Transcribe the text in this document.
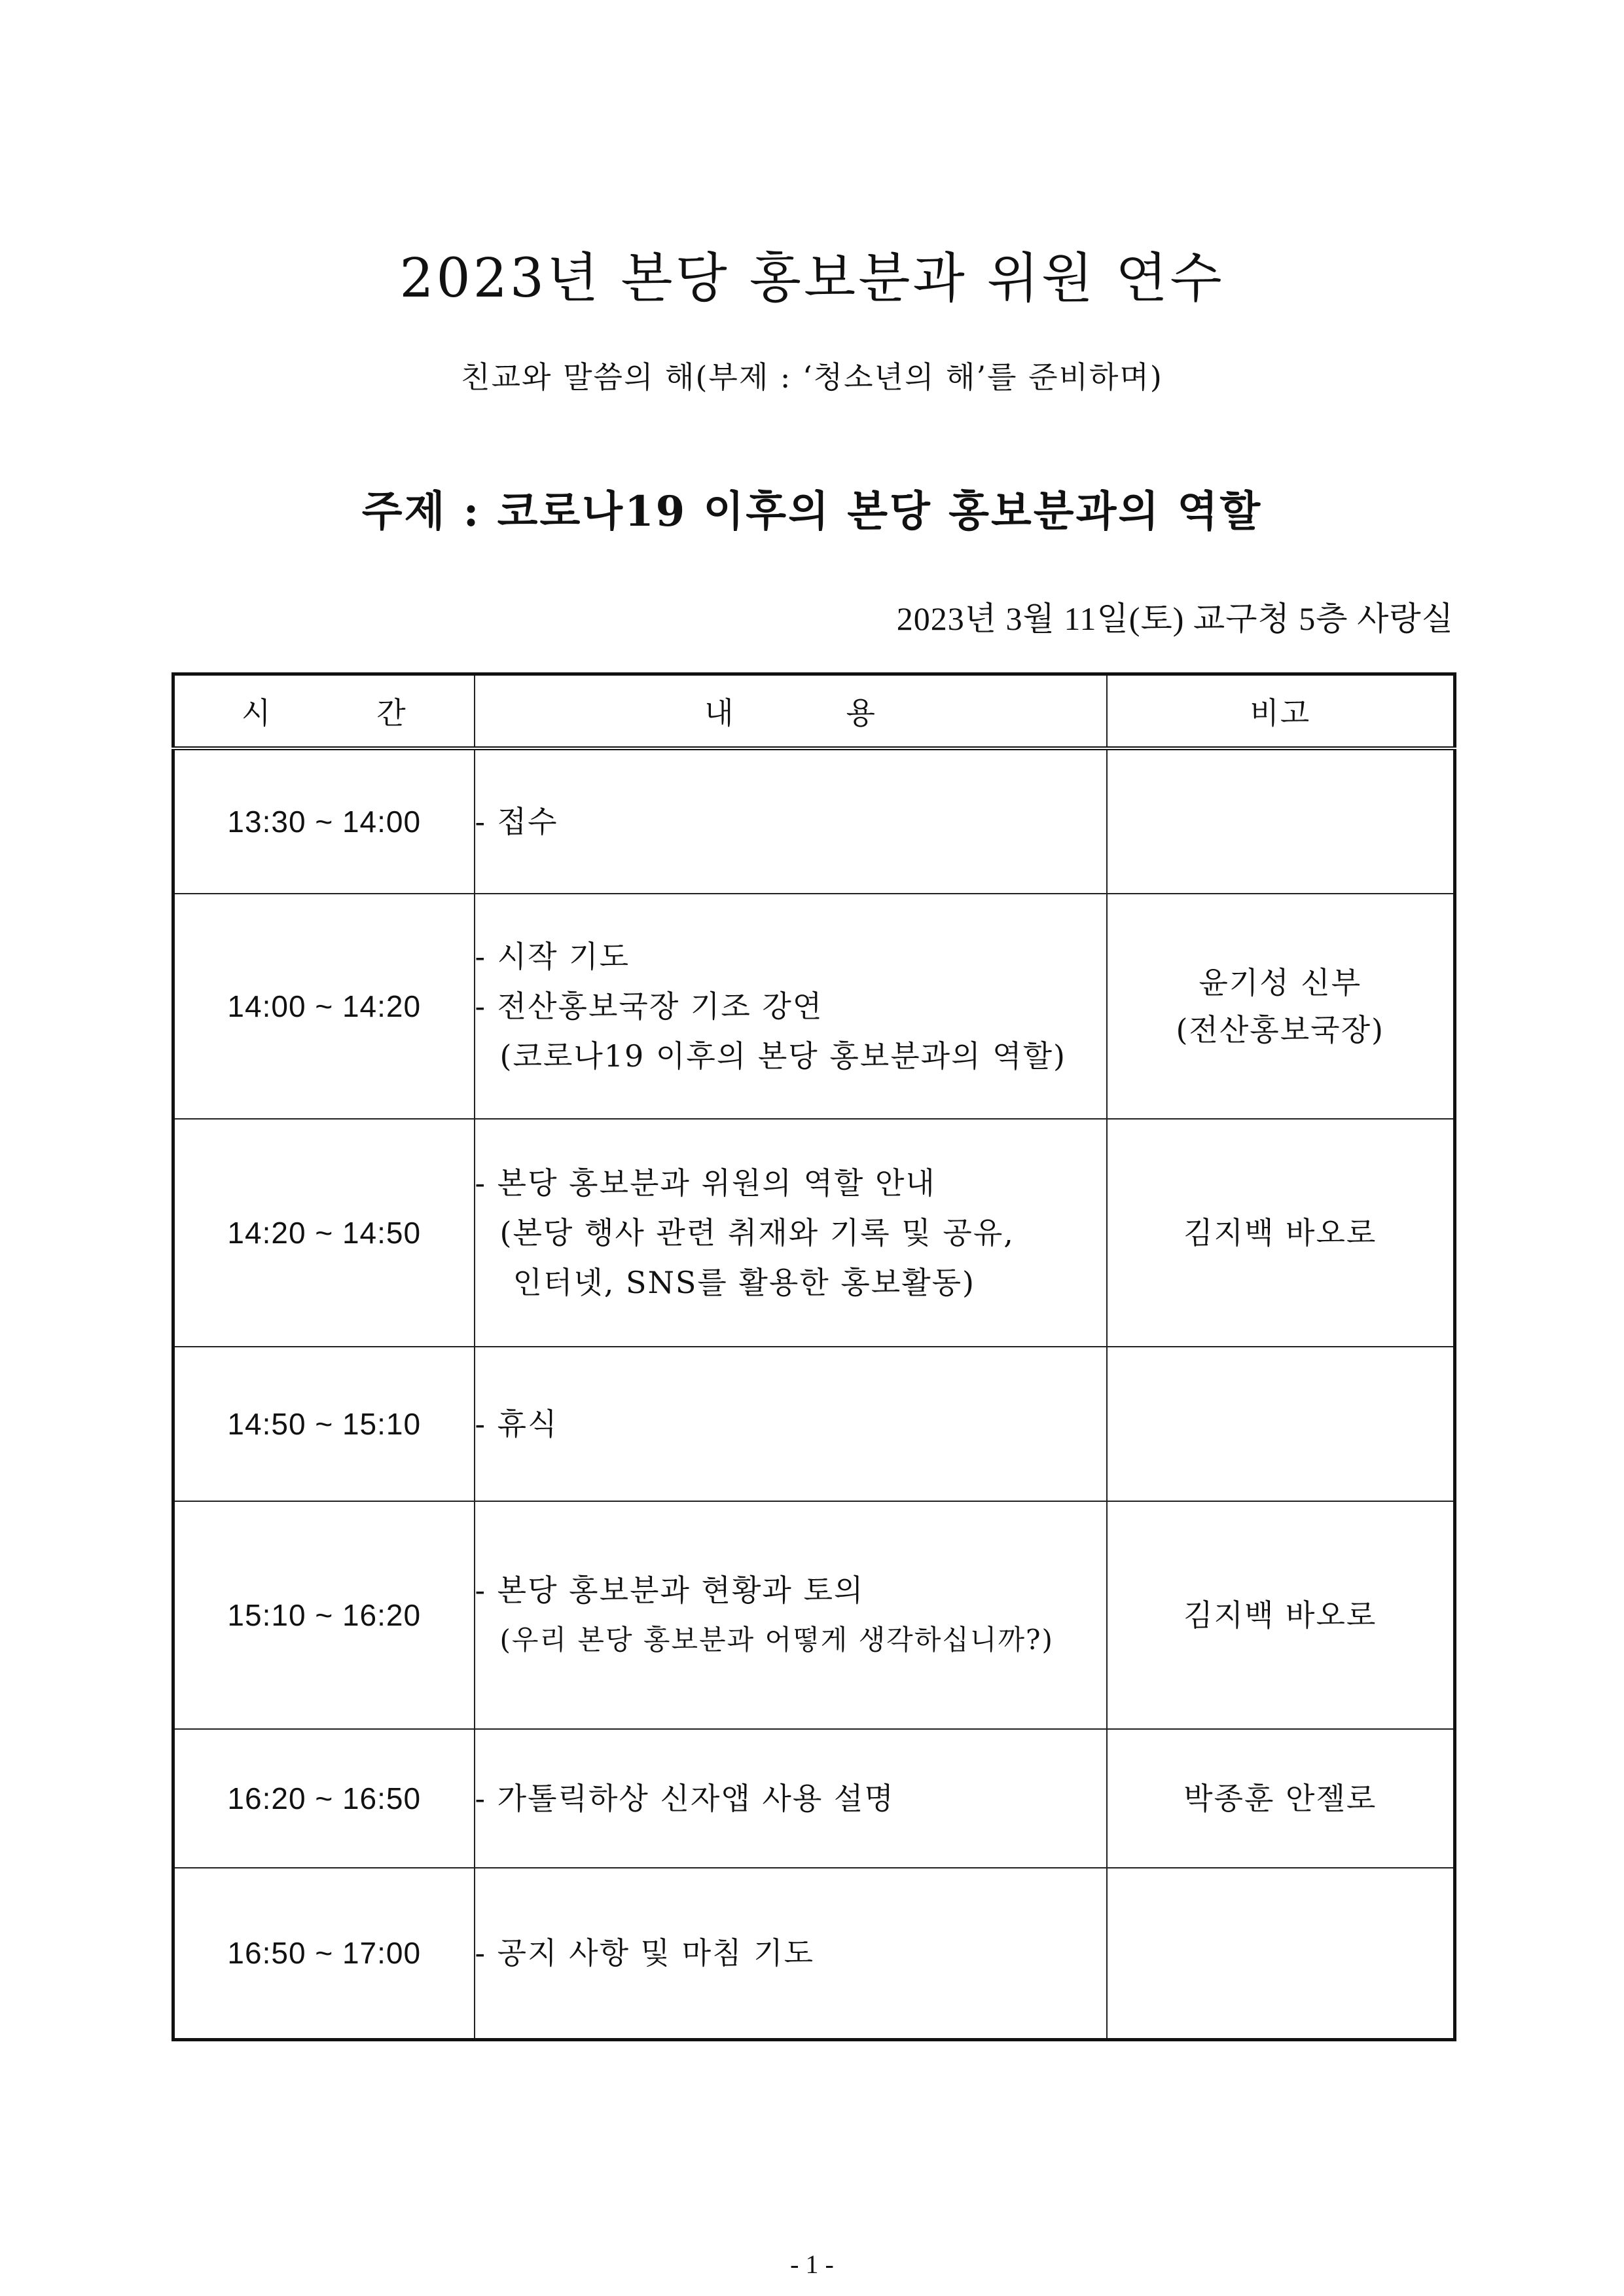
2023년 본당 홍보분과 위원 연수
친교와 말씀의 해(부제 : ‘청소년의 해’를 준비하며)
주제 : 코로나19 이후의 본당 홍보분과의 역할
2023년 3월 11일(토) 교구청 5층 사랑실
시 간	내 용	비고
13:30 ~ 14:00	- 접수	

14:00 ~ 14:20	- 시작 기도
- 전산홍보국장 기조 강연
(코로나19 이후의 본당 홍보분과의 역할)	윤기성 신부
(전산홍보국장)

14:20 ~ 14:50	- 본당 홍보분과 위원의 역할 안내
(본당 행사 관련 취재와 기록 및 공유,
인터넷, SNS를 활용한 홍보활동)	김지백 바오로

14:50 ~ 15:10	- 휴식	

15:10 ~ 16:20	- 본당 홍보분과 현황과 토의
(우리 본당 홍보분과 어떻게 생각하십니까?)	김지백 바오로

16:20 ~ 16:50	- 가톨릭하상 신자앱 사용 설명	박종훈 안젤로

16:50 ~ 17:00	- 공지 사항 및 마침 기도	

- 1 -
